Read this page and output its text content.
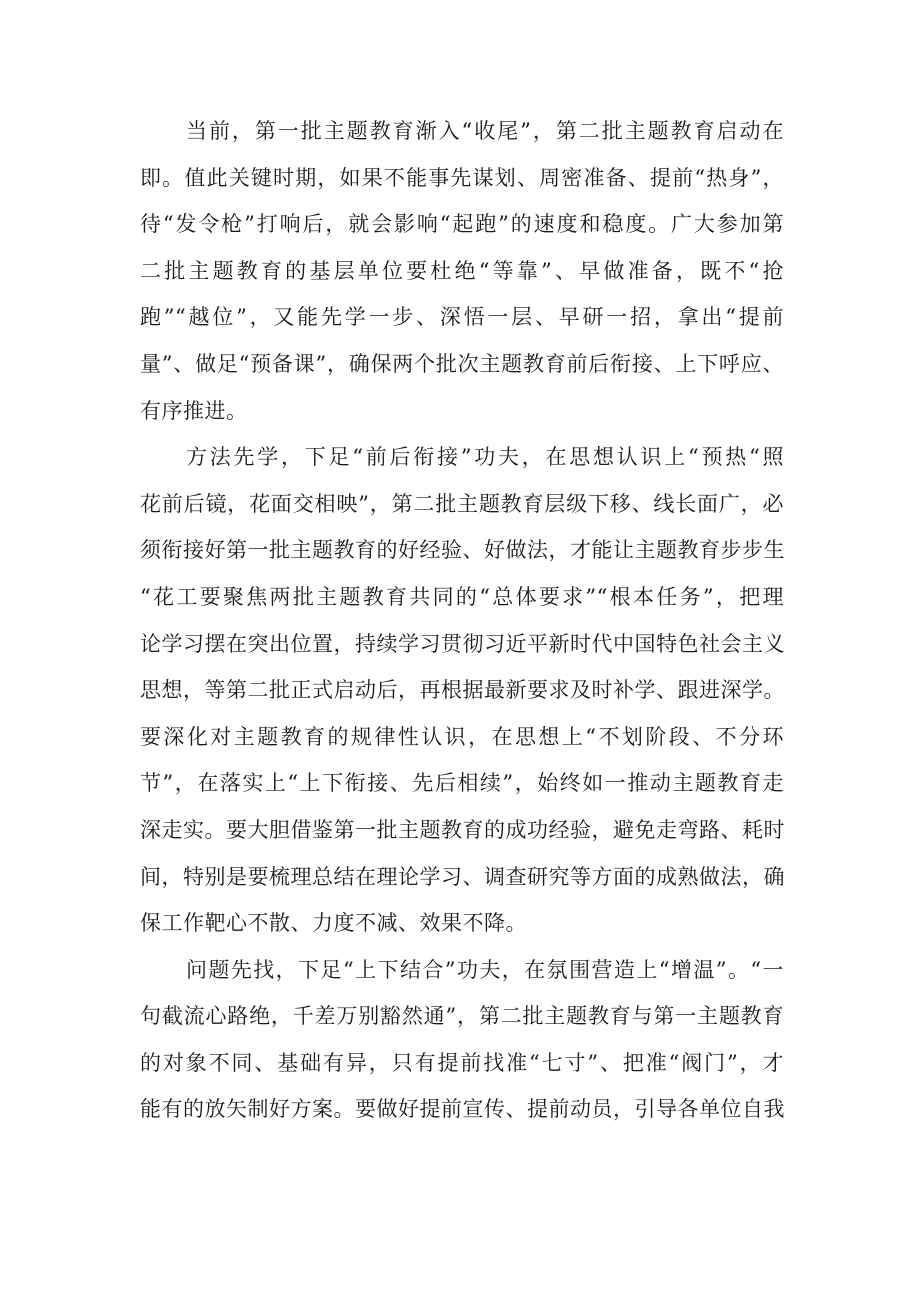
当前，第一批主题教育渐入“收尾”，第二批主题教育启动在
即。值此关键时期，如果不能事先谋划、周密准备、提前“热身”，
待“发令枪”打响后，就会影响“起跑”的速度和稳度。广大参加第
二批主题教育的基层单位要杜绝“等靠”、早做准备，既不“抢
跑”“越位”，又能先学一步、深悟一层、早研一招，拿出“提前
量”、做足“预备课”，确保两个批次主题教育前后衔接、上下呼应、
有序推进。
方法先学，下足“前后衔接”功夫，在思想认识上“预热“照
花前后镜，花面交相映”，第二批主题教育层级下移、线长面广，必
须衔接好第一批主题教育的好经验、好做法，才能让主题教育步步生
“花工要聚焦两批主题教育共同的“总体要求”“根本任务”，把理
论学习摆在突出位置，持续学习贯彻习近平新时代中国特色社会主义
思想，等第二批正式启动后，再根据最新要求及时补学、跟进深学。
要深化对主题教育的规律性认识，在思想上“不划阶段、不分环
节”，在落实上“上下衔接、先后相续”，始终如一推动主题教育走
深走实。要大胆借鉴第一批主题教育的成功经验，避免走弯路、耗时
间，特别是要梳理总结在理论学习、调查研究等方面的成熟做法，确
保工作靶心不散、力度不减、效果不降。
问题先找，下足“上下结合”功夫，在氛围营造上“增温”。“一
句截流心路绝，千差万别豁然通”，第二批主题教育与第一主题教育
的对象不同、基础有异，只有提前找准“七寸”、把准“阀门”，才
能有的放矢制好方案。要做好提前宣传、提前动员，引导各单位自我
